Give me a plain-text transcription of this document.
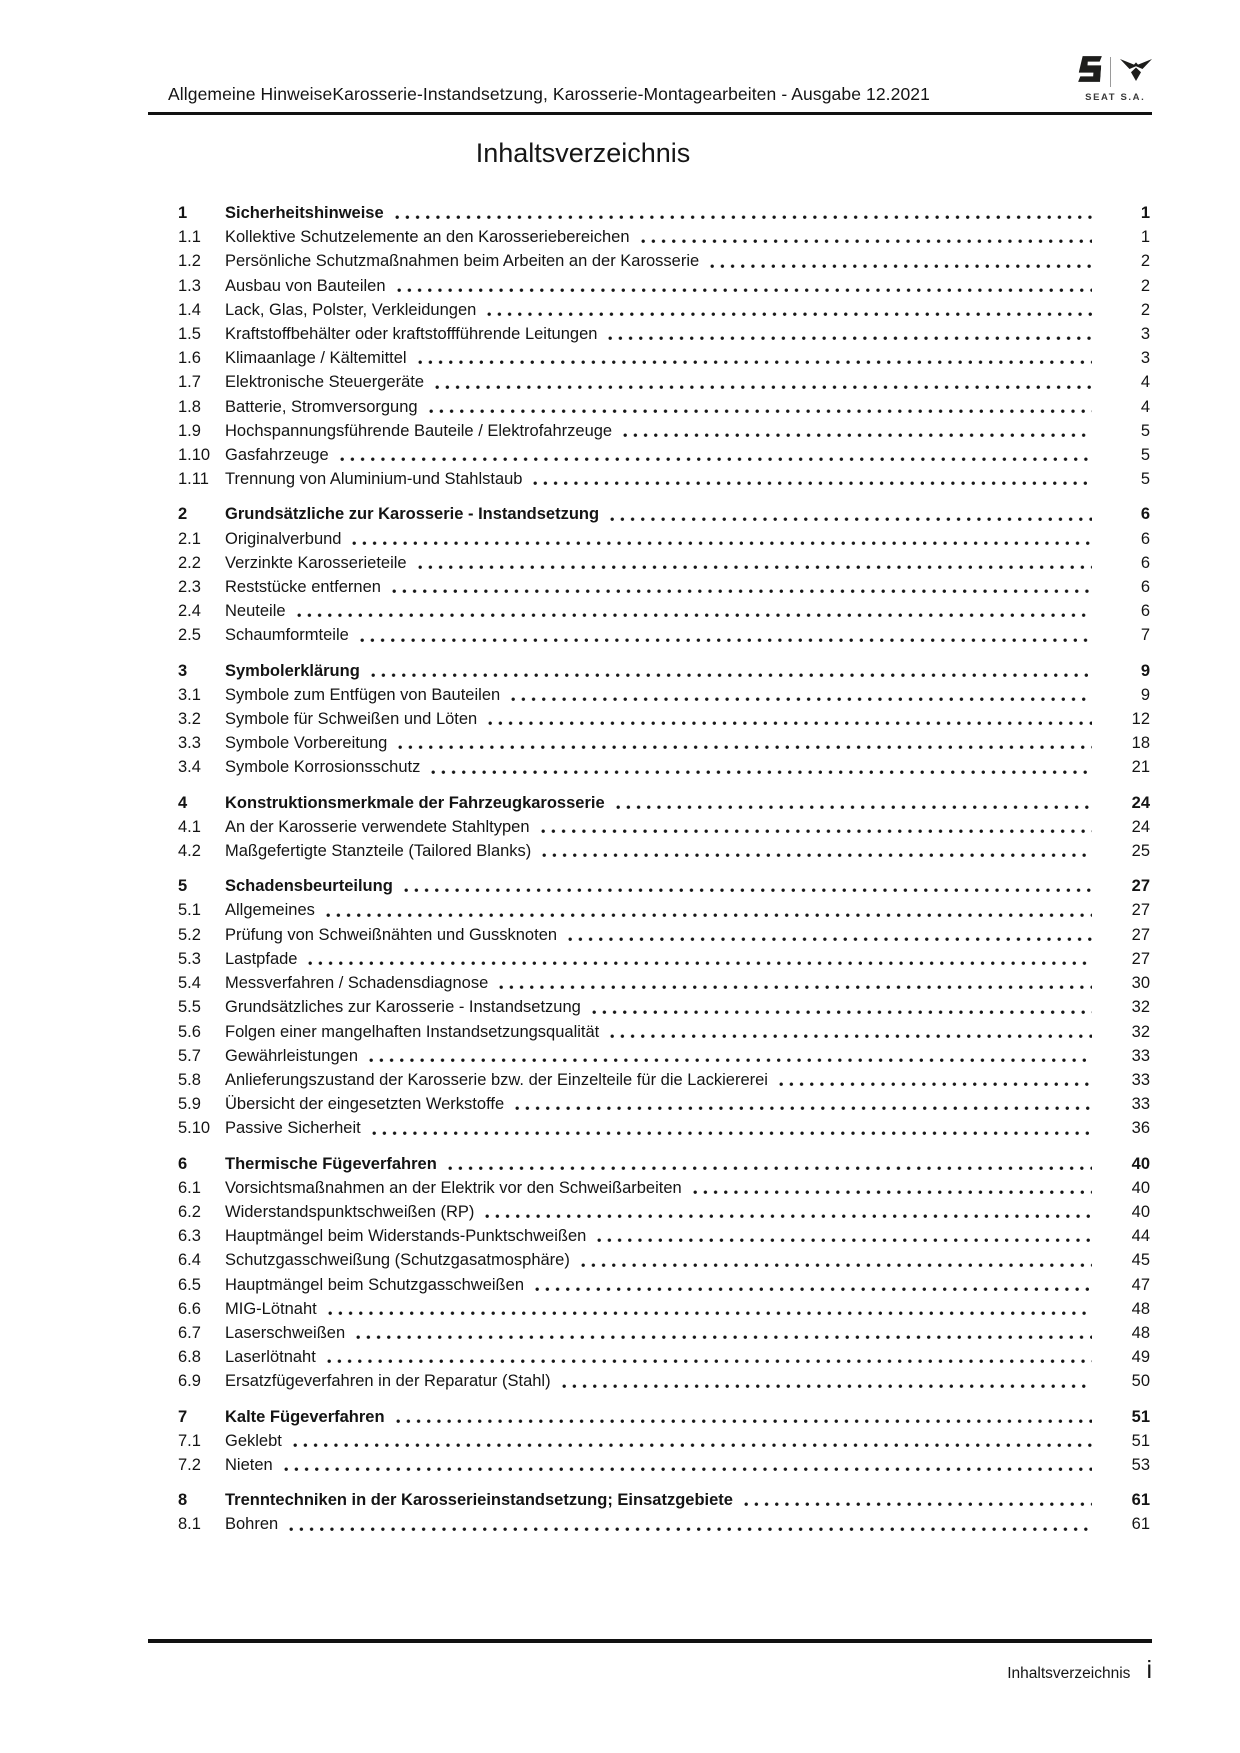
SEAT S.A.
Allgemeine HinweiseKarosserie-Instandsetzung, Karosserie-Montagearbeiten - Ausgabe 12.2021
Inhaltsverzeichnis
1	Sicherheitshinweise	1
1.1	Kollektive Schutzelemente an den Karosseriebereichen	1
1.2	Persönliche Schutzmaßnahmen beim Arbeiten an der Karosserie	2
1.3	Ausbau von Bauteilen	2
1.4	Lack, Glas, Polster, Verkleidungen	2
1.5	Kraftstoffbehälter oder kraftstoffführende Leitungen	3
1.6	Klimaanlage / Kältemittel	3
1.7	Elektronische Steuergeräte	4
1.8	Batterie, Stromversorgung	4
1.9	Hochspannungsführende Bauteile / Elektrofahrzeuge	5
1.10 Gasfahrzeuge	5
1.11 Trennung von Aluminium-und Stahlstaub	5
2	Grundsätzliche zur Karosserie - Instandsetzung	6
2.1	Originalverbund	6
2.2	Verzinkte Karosserieteile	6
2.3	Reststücke entfernen	6
2.4	Neuteile	6
2.5	Schaumformteile	7
3	Symbolerklärung	9
3.1	Symbole zum Entfügen von Bauteilen	9
3.2	Symbole für Schweißen und Löten	12
3.3	Symbole Vorbereitung	18
3.4	Symbole Korrosionsschutz	21
4	Konstruktionsmerkmale der Fahrzeugkarosserie	24
4.1	An der Karosserie verwendete Stahltypen	24
4.2	Maßgefertigte Stanzteile (Tailored Blanks)	25
5	Schadensbeurteilung	27
5.1	Allgemeines	27
5.2	Prüfung von Schweißnähten und Gussknoten	27
5.3	Lastpfade	27
5.4	Messverfahren / Schadensdiagnose	30
5.5	Grundsätzliches zur Karosserie - Instandsetzung	32
5.6	Folgen einer mangelhaften Instandsetzungsqualität	32
5.7	Gewährleistungen	33
5.8	Anlieferungszustand der Karosserie bzw. der Einzelteile für die Lackiererei	33
5.9	Übersicht der eingesetzten Werkstoffe	33
5.10 Passive Sicherheit	36
6	Thermische Fügeverfahren	40
6.1	Vorsichtsmaßnahmen an der Elektrik vor den Schweißarbeiten	40
6.2	Widerstandspunktschweißen (RP)	40
6.3	Hauptmängel beim Widerstands-Punktschweißen	44
6.4	Schutzgasschweißung (Schutzgasatmosphäre)	45
6.5	Hauptmängel beim Schutzgasschweißen	47
6.6	MIG-Lötnaht	48
6.7	Laserschweißen	48
6.8	Laserlötnaht	49
6.9	Ersatzfügeverfahren in der Reparatur (Stahl)	50
7	Kalte Fügeverfahren	51
7.1	Geklebt	51
7.2	Nieten	53
8	Trenntechniken in der Karosserieinstandsetzung; Einsatzgebiete	61
8.1	Bohren	61
Inhaltsverzeichnis i
